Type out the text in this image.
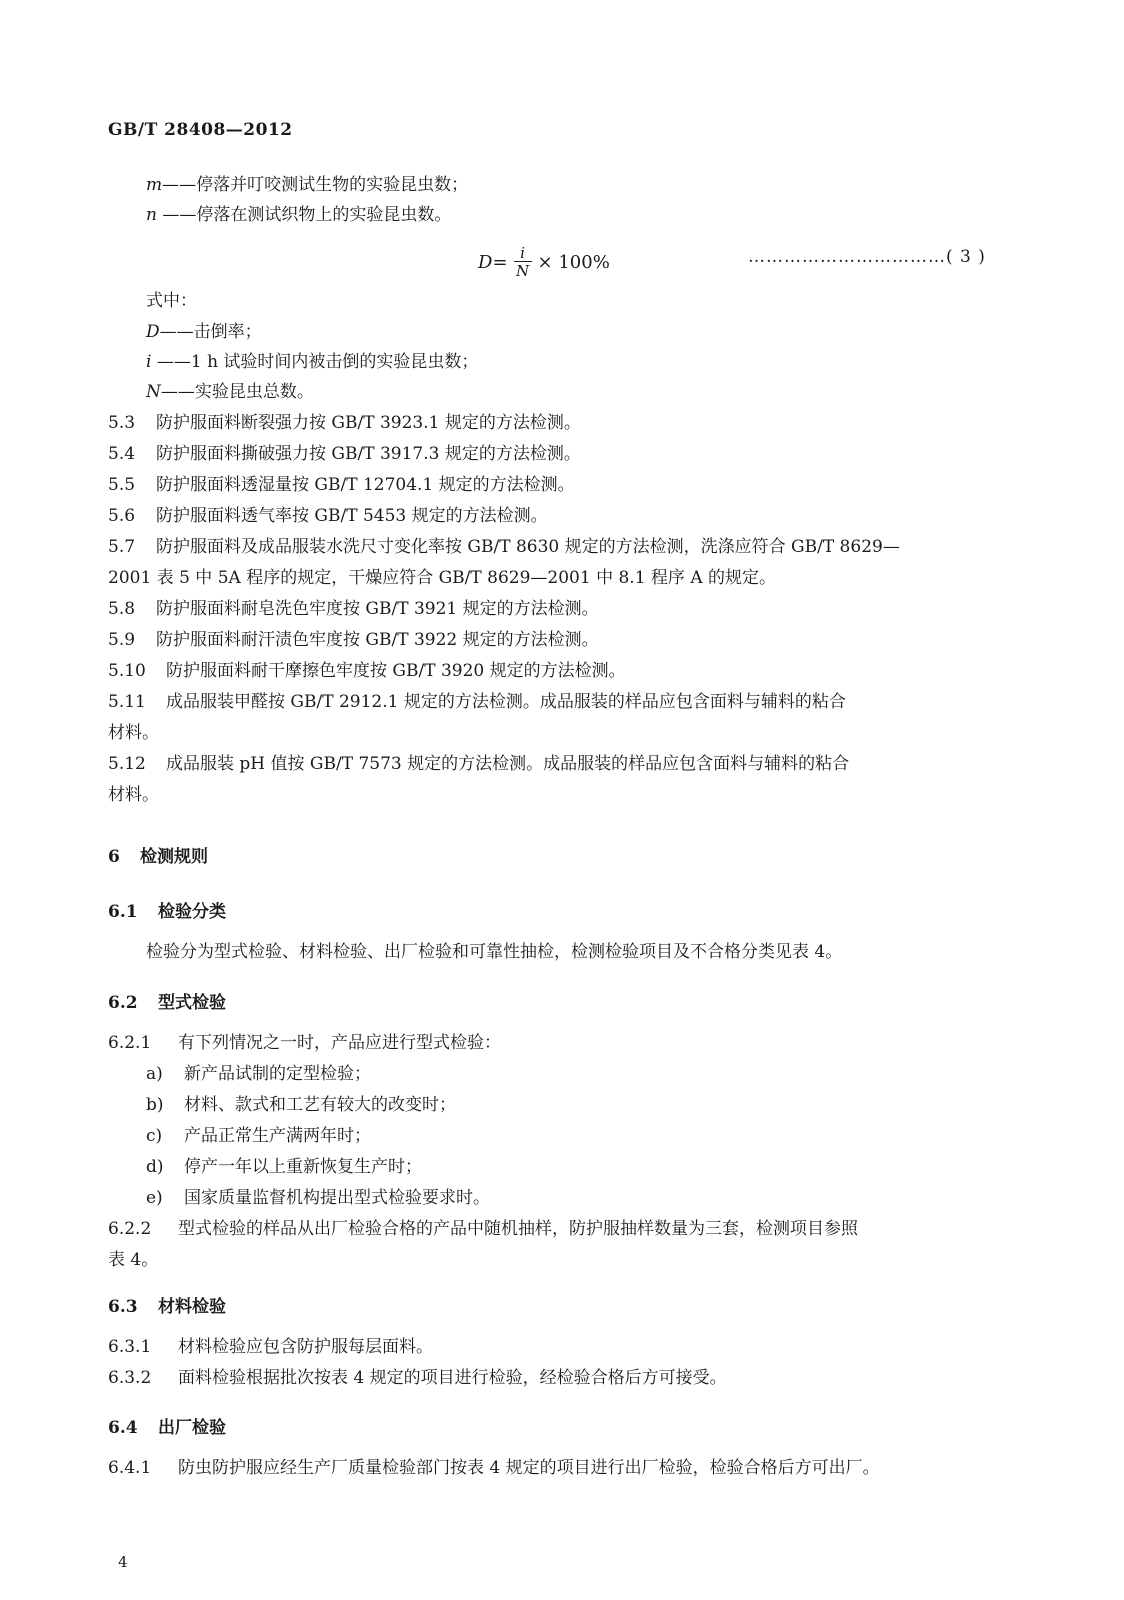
GB/T 28408—2012
m——停落并叮咬测试生物的实验昆虫数；
n ——停落在测试织物上的实验昆虫数。
$D = \frac{i}{N} \times 100\%$	……………………………( 3 )
式中：
D——击倒率；
i ——1 h 试验时间内被击倒的实验昆虫数；
N——实验昆虫总数。
5.3 防护服面料断裂强力按 GB/T 3923.1 规定的方法检测。
5.4 防护服面料撕破强力按 GB/T 3917.3 规定的方法检测。
5.5 防护服面料透湿量按 GB/T 12704.1 规定的方法检测。
5.6 防护服面料透气率按 GB/T 5453 规定的方法检测。
5.7 防护服面料及成品服装水洗尺寸变化率按 GB/T 8630 规定的方法检测，洗涤应符合 GB/T 8629—
2001 表 5 中 5A 程序的规定，干燥应符合 GB/T 8629—2001 中 8.1 程序 A 的规定。
5.8 防护服面料耐皂洗色牢度按 GB/T 3921 规定的方法检测。
5.9 防护服面料耐汗渍色牢度按 GB/T 3922 规定的方法检测。
5.10 防护服面料耐干摩擦色牢度按 GB/T 3920 规定的方法检测。
5.11 成品服装甲醛按 GB/T 2912.1 规定的方法检测。成品服装的样品应包含面料与辅料的粘合
材料。
5.12 成品服装 pH 值按 GB/T 7573 规定的方法检测。成品服装的样品应包含面料与辅料的粘合
材料。
6 检测规则
6.1 检验分类
检验分为型式检验、材料检验、出厂检验和可靠性抽检，检测检验项目及不合格分类见表 4。
6.2 型式检验
6.2.1 有下列情况之一时，产品应进行型式检验：
a) 新产品试制的定型检验；
b) 材料、款式和工艺有较大的改变时；
c) 产品正常生产满两年时；
d) 停产一年以上重新恢复生产时；
e) 国家质量监督机构提出型式检验要求时。
6.2.2 型式检验的样品从出厂检验合格的产品中随机抽样，防护服抽样数量为三套，检测项目参照
表 4。
6.3 材料检验
6.3.1 材料检验应包含防护服每层面料。
6.3.2 面料检验根据批次按表 4 规定的项目进行检验，经检验合格后方可接受。
6.4 出厂检验
6.4.1 防虫防护服应经生产厂质量检验部门按表 4 规定的项目进行出厂检验，检验合格后方可出厂。
4
